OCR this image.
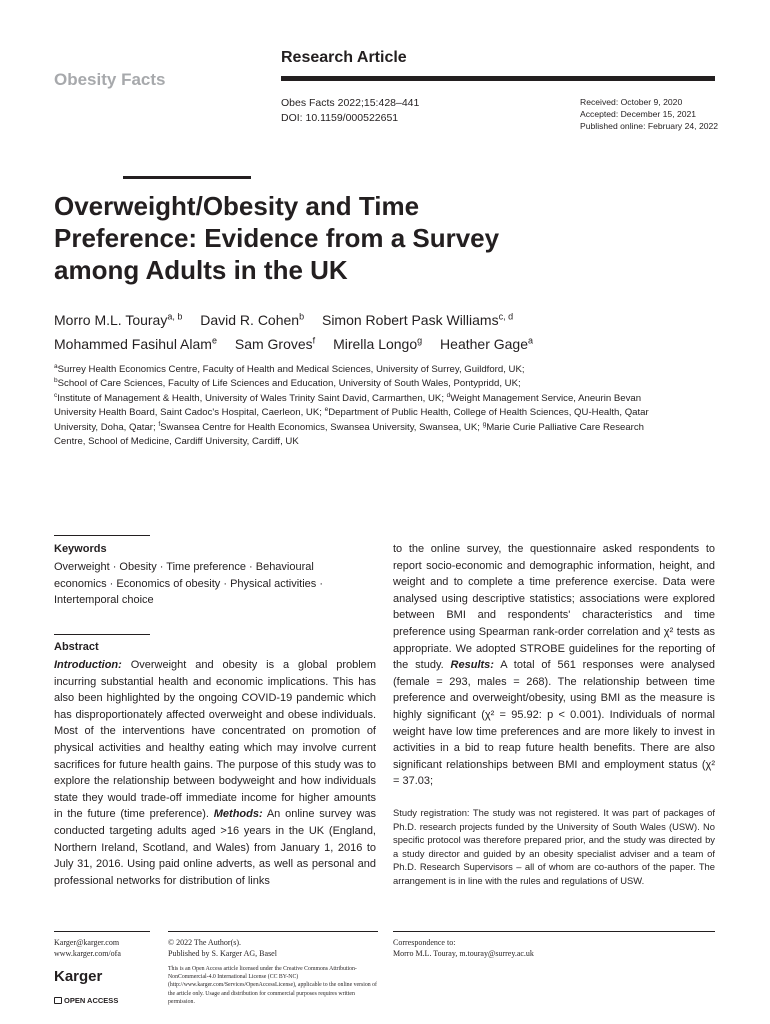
Obesity Facts
Research Article
Obes Facts 2022;15:428–441
DOI: 10.1159/000522651
Received: October 9, 2020
Accepted: December 15, 2021
Published online: February 24, 2022
Overweight/Obesity and Time
Preference: Evidence from a Survey
among Adults in the UK
Morro M.L. Touray$^{a, b}$ David R. Cohen$^b$ Simon Robert Pask Williams$^{c, d}$
Mohammed Fasihul Alam$^e$ Sam Groves$^f$ Mirella Longo$^g$ Heather Gage$^a$
$^a$Surrey Health Economics Centre, Faculty of Health and Medical Sciences, University of Surrey, Guildford, UK;
$^b$School of Care Sciences, Faculty of Life Sciences and Education, University of South Wales, Pontypridd, UK;
$^c$Institute of Management & Health, University of Wales Trinity Saint David, Carmarthen, UK; $^d$Weight Management Service, Aneurin Bevan University Health Board, Saint Cadoc's Hospital, Caerleon, UK; $^e$Department of Public Health, College of Health Sciences, QU-Health, Qatar University, Doha, Qatar; $^f$Swansea Centre for Health Economics, Swansea University, Swansea, UK; $^g$Marie Curie Palliative Care Research Centre, School of Medicine, Cardiff University, Cardiff, UK
Keywords
Overweight · Obesity · Time preference · Behavioural economics · Economics of obesity · Physical activities · Intertemporal choice
Abstract
Introduction: Overweight and obesity is a global problem incurring substantial health and economic implications. This has also been highlighted by the ongoing COVID-19 pandemic which has disproportionately affected overweight and obese individuals. Most of the interventions have concentrated on promotion of physical activities and healthy eating which may involve current sacrifices for future health gains. The purpose of this study was to explore the relationship between bodyweight and how individuals state they would trade-off immediate income for higher amounts in the future (time preference). Methods: An online survey was conducted targeting adults aged >16 years in the UK (England, Northern Ireland, Scotland, and Wales) from January 1, 2016 to July 31, 2016. Using paid online adverts, as well as personal and professional networks for distribution of links
to the online survey, the questionnaire asked respondents to report socio-economic and demographic information, height, and weight and to complete a time preference exercise. Data were analysed using descriptive statistics; associations were explored between BMI and respondents' characteristics and time preference using Spearman rank-order correlation and χ² tests as appropriate. We adopted STROBE guidelines for the reporting of the study. Results: A total of 561 responses were analysed (female = 293, males = 268). The relationship between time preference and overweight/obesity, using BMI as the measure is highly significant (χ² = 95.92: p < 0.001). Individuals of normal weight have low time preferences and are more likely to invest in activities in a bid to reap future health benefits. There are also significant relationships between BMI and employment status (χ² = 37.03;
Study registration: The study was not registered. It was part of packages of Ph.D. research projects funded by the University of South Wales (USW). No specific protocol was therefore prepared prior, and the study was directed by a study director and guided by an obesity specialist adviser and a team of Ph.D. Research Supervisors – all of whom are co-authors of the paper. The arrangement is in line with the rules and regulations of USW.
Karger@karger.com
www.karger.com/ofa
© 2022 The Author(s).
Published by S. Karger AG, Basel
This is an Open Access article licensed under the Creative Commons Attribution-NonCommercial-4.0 International License (CC BY-NC) (http://www.karger.com/Services/OpenAccessLicense), applicable to the online version of the article only. Usage and distribution for commercial purposes requires written permission.
Correspondence to:
Morro M.L. Touray, m.touray@surrey.ac.uk
Karger
OPEN ACCESS
